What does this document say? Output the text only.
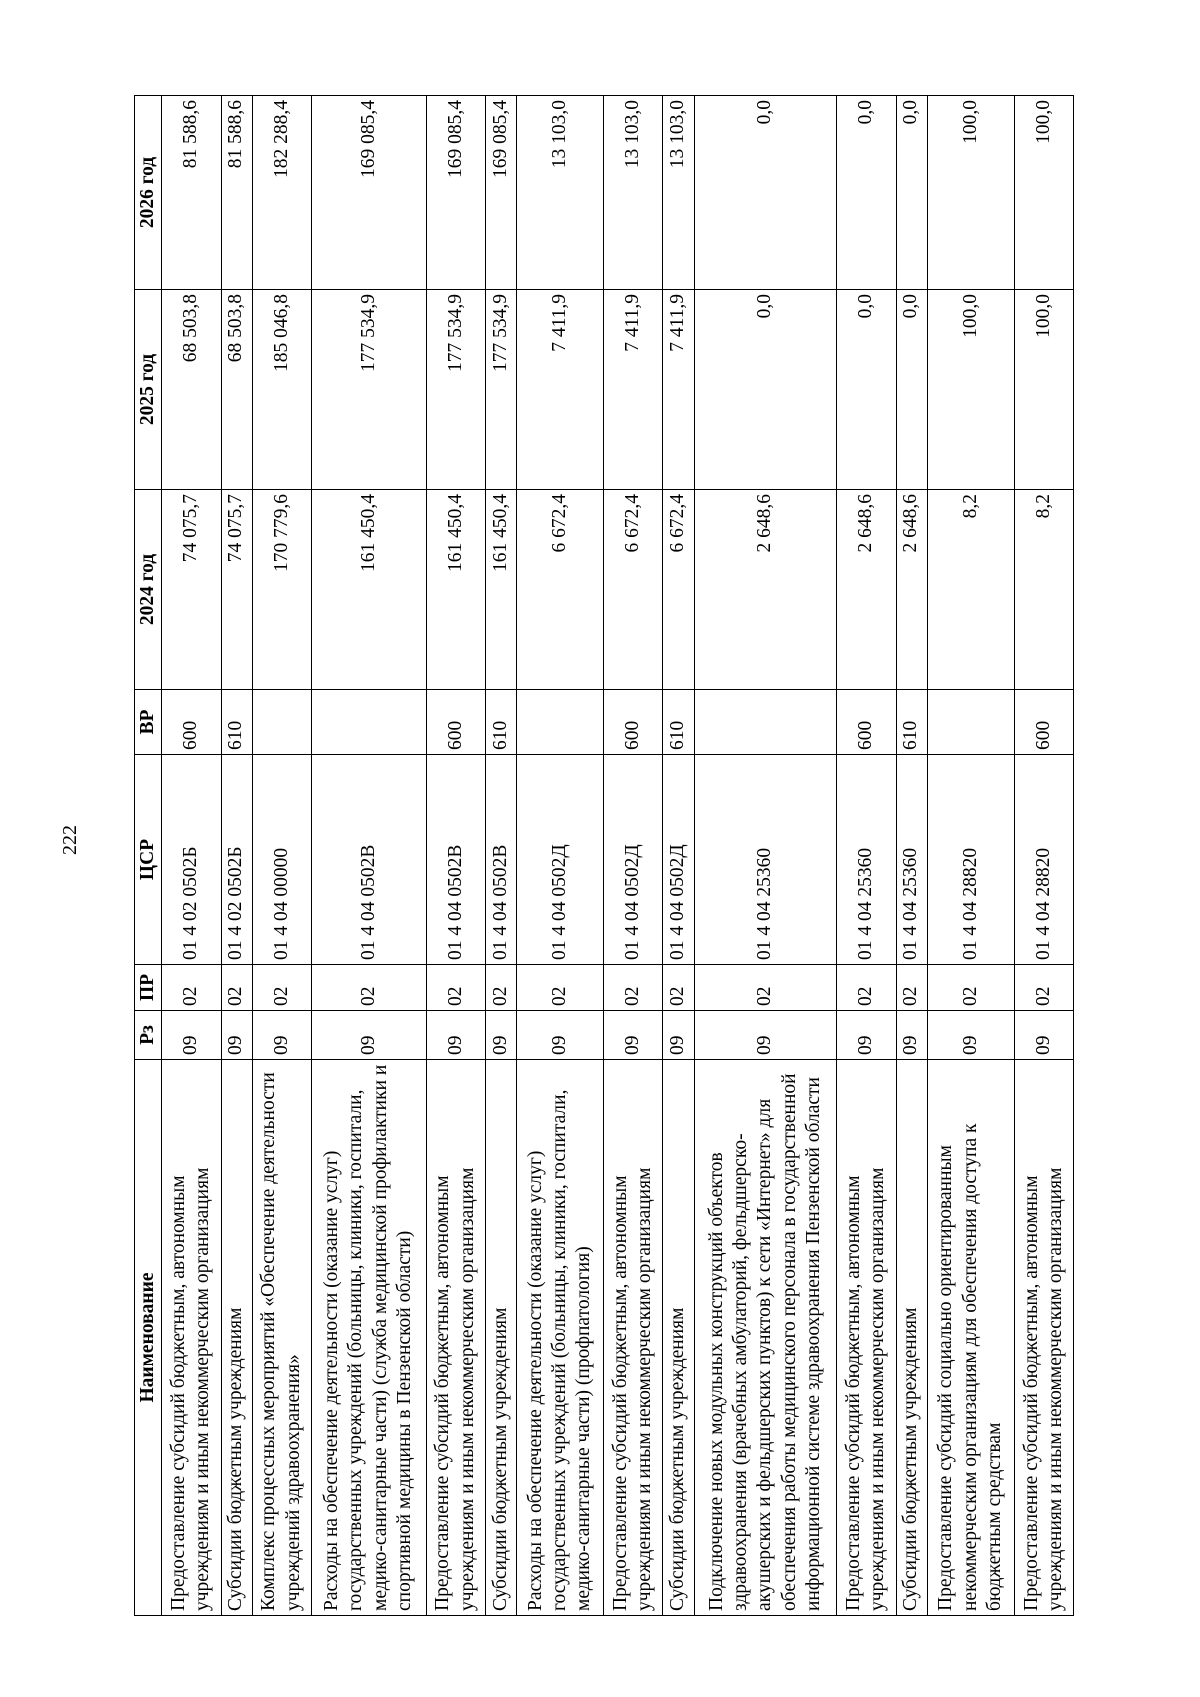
222
Наименование	Рз	ПР	ЦСР	ВР	2024 год	2025 год	2026 год
Предоставление субсидий бюджетным, автономным учреждениям и иным некоммерческим организациям	09	02	01 4 02 0502Б	600	74 075,7	68 503,8	81 588,6
Субсидии бюджетным учреждениям	09	02	01 4 02 0502Б	610	74 075,7	68 503,8	81 588,6
Комплекс процессных мероприятий «Обеспечение деятельности учреждений здравоохранения»	09	02	01 4 04 00000		170 779,6	185 046,8	182 288,4
Расходы на обеспечение деятельности (оказание услуг) государственных учреждений (больницы, клиники, госпитали, медико-санитарные части) (служба медицинской профилактики и спортивной медицины в Пензенской области)	09	02	01 4 04 0502В		161 450,4	177 534,9	169 085,4
Предоставление субсидий бюджетным, автономным учреждениям и иным некоммерческим организациям	09	02	01 4 04 0502В	600	161 450,4	177 534,9	169 085,4
Субсидии бюджетным учреждениям	09	02	01 4 04 0502В	610	161 450,4	177 534,9	169 085,4
Расходы на обеспечение деятельности (оказание услуг) государственных учреждений (больницы, клиники, госпитали, медико-санитарные части) (профпатология)	09	02	01 4 04 0502Д		6 672,4	7 411,9	13 103,0
Предоставление субсидий бюджетным, автономным учреждениям и иным некоммерческим организациям	09	02	01 4 04 0502Д	600	6 672,4	7 411,9	13 103,0
Субсидии бюджетным учреждениям	09	02	01 4 04 0502Д	610	6 672,4	7 411,9	13 103,0
Подключение новых модульных конструкций объектов здравоохранения (врачебных амбулаторий, фельдшерско-акушерских и фельдшерских пунктов) к сети «Интернет» для обеспечения работы медицинского персонала в государственной информационной системе здравоохранения Пензенской области	09	02	01 4 04 25360		2 648,6	0,0	0,0
Предоставление субсидий бюджетным, автономным учреждениям и иным некоммерческим организациям	09	02	01 4 04 25360	600	2 648,6	0,0	0,0
Субсидии бюджетным учреждениям	09	02	01 4 04 25360	610	2 648,6	0,0	0,0
Предоставление субсидий социально ориентированным некоммерческим организациям для обеспечения доступа к бюджетным средствам	09	02	01 4 04 28820		8,2	100,0	100,0
Предоставление субсидий бюджетным, автономным учреждениям и иным некоммерческим организациям	09	02	01 4 04 28820	600	8,2	100,0	100,0
